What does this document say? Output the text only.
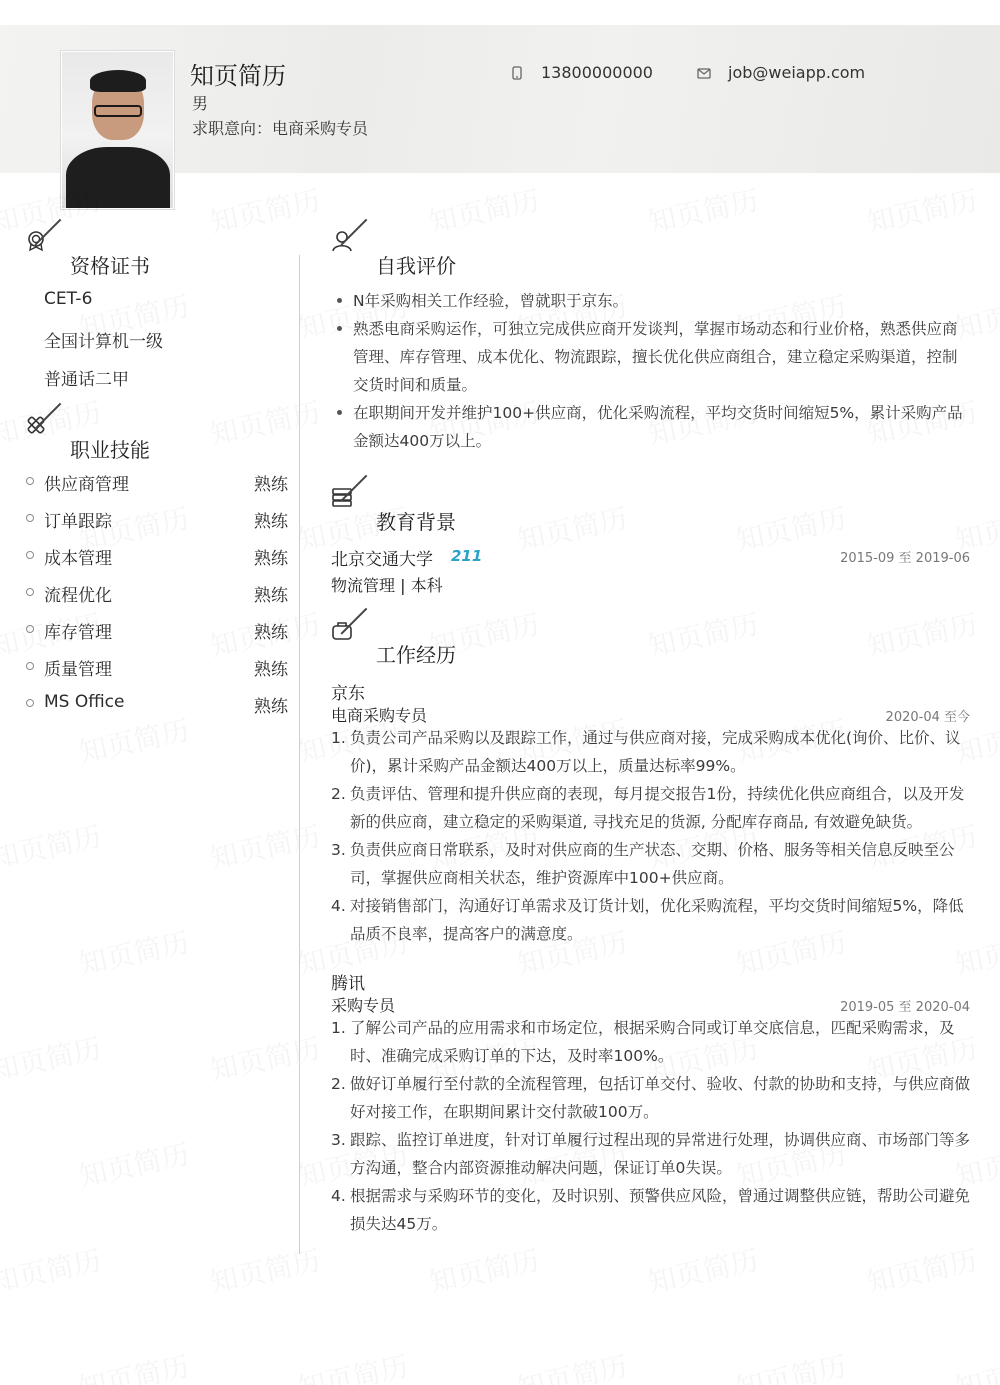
知页简历
男
求职意向：电商采购专员
13800000000	job@weiapp.com
资格证书
CET-6
全国计算机一级
普通话二甲
职业技能
供应商管理	熟练
订单跟踪	熟练
成本管理	熟练
流程优化	熟练
库存管理	熟练
质量管理	熟练
MS Office	熟练
自我评价
N年采购相关工作经验，曾就职于京东。
熟悉电商采购运作，可独立完成供应商开发谈判，掌握市场动态和行业价格，熟悉供应商管理、库存管理、成本优化、物流跟踪，擅长优化供应商组合，建立稳定采购渠道，控制交货时间和质量。
在职期间开发并维护100+供应商，优化采购流程，平均交货时间缩短5%，累计采购产品金额达400万以上。
教育背景
北京交通大学 211	2015-09 至 2019-06
物流管理 | 本科
工作经历
京东
电商采购专员	2020-04 至今
1. 负责公司产品采购以及跟踪工作，通过与供应商对接，完成采购成本优化(询价、比价、议价)，累计采购产品金额达400万以上，质量达标率99%。
2. 负责评估、管理和提升供应商的表现，每月提交报告1份，持续优化供应商组合，以及开发新的供应商，建立稳定的采购渠道, 寻找充足的货源, 分配库存商品, 有效避免缺货。
3. 负责供应商日常联系，及时对供应商的生产状态、交期、价格、服务等相关信息反映至公司，掌握供应商相关状态，维护资源库中100+供应商。
4. 对接销售部门，沟通好订单需求及订货计划，优化采购流程，平均交货时间缩短5%，降低品质不良率，提高客户的满意度。
腾讯
采购专员	2019-05 至 2020-04
1. 了解公司产品的应用需求和市场定位，根据采购合同或订单交底信息，匹配采购需求，及时、准确完成采购订单的下达，及时率100%。
2. 做好订单履行至付款的全流程管理，包括订单交付、验收、付款的协助和支持，与供应商做好对接工作，在职期间累计交付款破100万。
3. 跟踪、监控订单进度，针对订单履行过程出现的异常进行处理，协调供应商、市场部门等多方沟通，整合内部资源推动解决问题，保证订单0失误。
4. 根据需求与采购环节的变化，及时识别、预警供应风险，曾通过调整供应链，帮助公司避免损失达45万。
